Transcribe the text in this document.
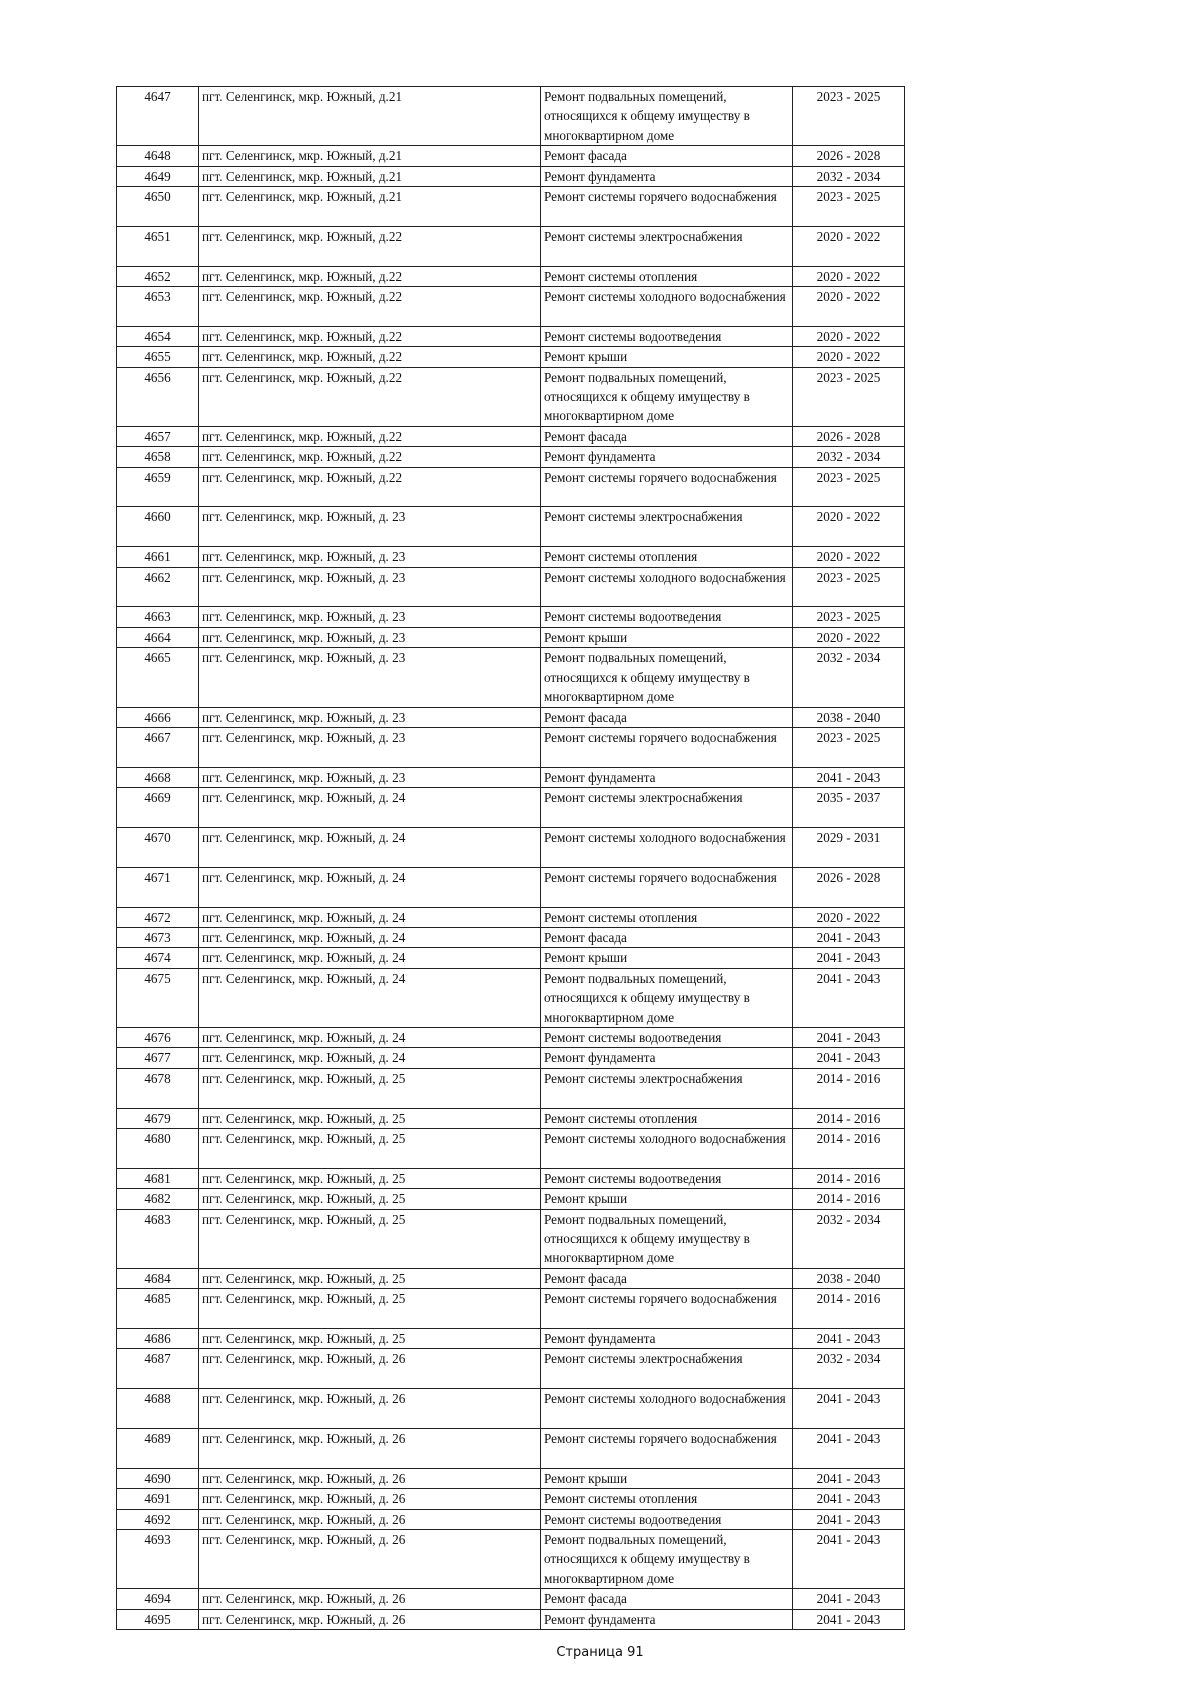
4647	пгт. Селенгинск, мкр. Южный, д.21	Ремонт подвальных помещений, относящихся к общему имуществу в многоквартирном доме	2023 - 2025
4648	пгт. Селенгинск, мкр. Южный, д.21	Ремонт фасада	2026 - 2028
4649	пгт. Селенгинск, мкр. Южный, д.21	Ремонт фундамента	2032 - 2034
4650	пгт. Селенгинск, мкр. Южный, д.21	Ремонт системы горячего водоснабжения	2023 - 2025
4651	пгт. Селенгинск, мкр. Южный, д.22	Ремонт системы электроснабжения	2020 - 2022
4652	пгт. Селенгинск, мкр. Южный, д.22	Ремонт системы отопления	2020 - 2022
4653	пгт. Селенгинск, мкр. Южный, д.22	Ремонт системы холодного водоснабжения	2020 - 2022
4654	пгт. Селенгинск, мкр. Южный, д.22	Ремонт системы водоотведения	2020 - 2022
4655	пгт. Селенгинск, мкр. Южный, д.22	Ремонт крыши	2020 - 2022
4656	пгт. Селенгинск, мкр. Южный, д.22	Ремонт подвальных помещений, относящихся к общему имуществу в многоквартирном доме	2023 - 2025
4657	пгт. Селенгинск, мкр. Южный, д.22	Ремонт фасада	2026 - 2028
4658	пгт. Селенгинск, мкр. Южный, д.22	Ремонт фундамента	2032 - 2034
4659	пгт. Селенгинск, мкр. Южный, д.22	Ремонт системы горячего водоснабжения	2023 - 2025
4660	пгт. Селенгинск, мкр. Южный, д. 23	Ремонт системы электроснабжения	2020 - 2022
4661	пгт. Селенгинск, мкр. Южный, д. 23	Ремонт системы отопления	2020 - 2022
4662	пгт. Селенгинск, мкр. Южный, д. 23	Ремонт системы холодного водоснабжения	2023 - 2025
4663	пгт. Селенгинск, мкр. Южный, д. 23	Ремонт системы водоотведения	2023 - 2025
4664	пгт. Селенгинск, мкр. Южный, д. 23	Ремонт крыши	2020 - 2022
4665	пгт. Селенгинск, мкр. Южный, д. 23	Ремонт подвальных помещений, относящихся к общему имуществу в многоквартирном доме	2032 - 2034
4666	пгт. Селенгинск, мкр. Южный, д. 23	Ремонт фасада	2038 - 2040
4667	пгт. Селенгинск, мкр. Южный, д. 23	Ремонт системы горячего водоснабжения	2023 - 2025
4668	пгт. Селенгинск, мкр. Южный, д. 23	Ремонт фундамента	2041 - 2043
4669	пгт. Селенгинск, мкр. Южный, д. 24	Ремонт системы электроснабжения	2035 - 2037
4670	пгт. Селенгинск, мкр. Южный, д. 24	Ремонт системы холодного водоснабжения	2029 - 2031
4671	пгт. Селенгинск, мкр. Южный, д. 24	Ремонт системы горячего водоснабжения	2026 - 2028
4672	пгт. Селенгинск, мкр. Южный, д. 24	Ремонт системы отопления	2020 - 2022
4673	пгт. Селенгинск, мкр. Южный, д. 24	Ремонт фасада	2041 - 2043
4674	пгт. Селенгинск, мкр. Южный, д. 24	Ремонт крыши	2041 - 2043
4675	пгт. Селенгинск, мкр. Южный, д. 24	Ремонт подвальных помещений, относящихся к общему имуществу в многоквартирном доме	2041 - 2043
4676	пгт. Селенгинск, мкр. Южный, д. 24	Ремонт системы водоотведения	2041 - 2043
4677	пгт. Селенгинск, мкр. Южный, д. 24	Ремонт фундамента	2041 - 2043
4678	пгт. Селенгинск, мкр. Южный, д. 25	Ремонт системы электроснабжения	2014 - 2016
4679	пгт. Селенгинск, мкр. Южный, д. 25	Ремонт системы отопления	2014 - 2016
4680	пгт. Селенгинск, мкр. Южный, д. 25	Ремонт системы холодного водоснабжения	2014 - 2016
4681	пгт. Селенгинск, мкр. Южный, д. 25	Ремонт системы водоотведения	2014 - 2016
4682	пгт. Селенгинск, мкр. Южный, д. 25	Ремонт крыши	2014 - 2016
4683	пгт. Селенгинск, мкр. Южный, д. 25	Ремонт подвальных помещений, относящихся к общему имуществу в многоквартирном доме	2032 - 2034
4684	пгт. Селенгинск, мкр. Южный, д. 25	Ремонт фасада	2038 - 2040
4685	пгт. Селенгинск, мкр. Южный, д. 25	Ремонт системы горячего водоснабжения	2014 - 2016
4686	пгт. Селенгинск, мкр. Южный, д. 25	Ремонт фундамента	2041 - 2043
4687	пгт. Селенгинск, мкр. Южный, д. 26	Ремонт системы электроснабжения	2032 - 2034
4688	пгт. Селенгинск, мкр. Южный, д. 26	Ремонт системы холодного водоснабжения	2041 - 2043
4689	пгт. Селенгинск, мкр. Южный, д. 26	Ремонт системы горячего водоснабжения	2041 - 2043
4690	пгт. Селенгинск, мкр. Южный, д. 26	Ремонт крыши	2041 - 2043
4691	пгт. Селенгинск, мкр. Южный, д. 26	Ремонт системы отопления	2041 - 2043
4692	пгт. Селенгинск, мкр. Южный, д. 26	Ремонт системы водоотведения	2041 - 2043
4693	пгт. Селенгинск, мкр. Южный, д. 26	Ремонт подвальных помещений, относящихся к общему имуществу в многоквартирном доме	2041 - 2043
4694	пгт. Селенгинск, мкр. Южный, д. 26	Ремонт фасада	2041 - 2043
4695	пгт. Селенгинск, мкр. Южный, д. 26	Ремонт фундамента	2041 - 2043
Страница 91
